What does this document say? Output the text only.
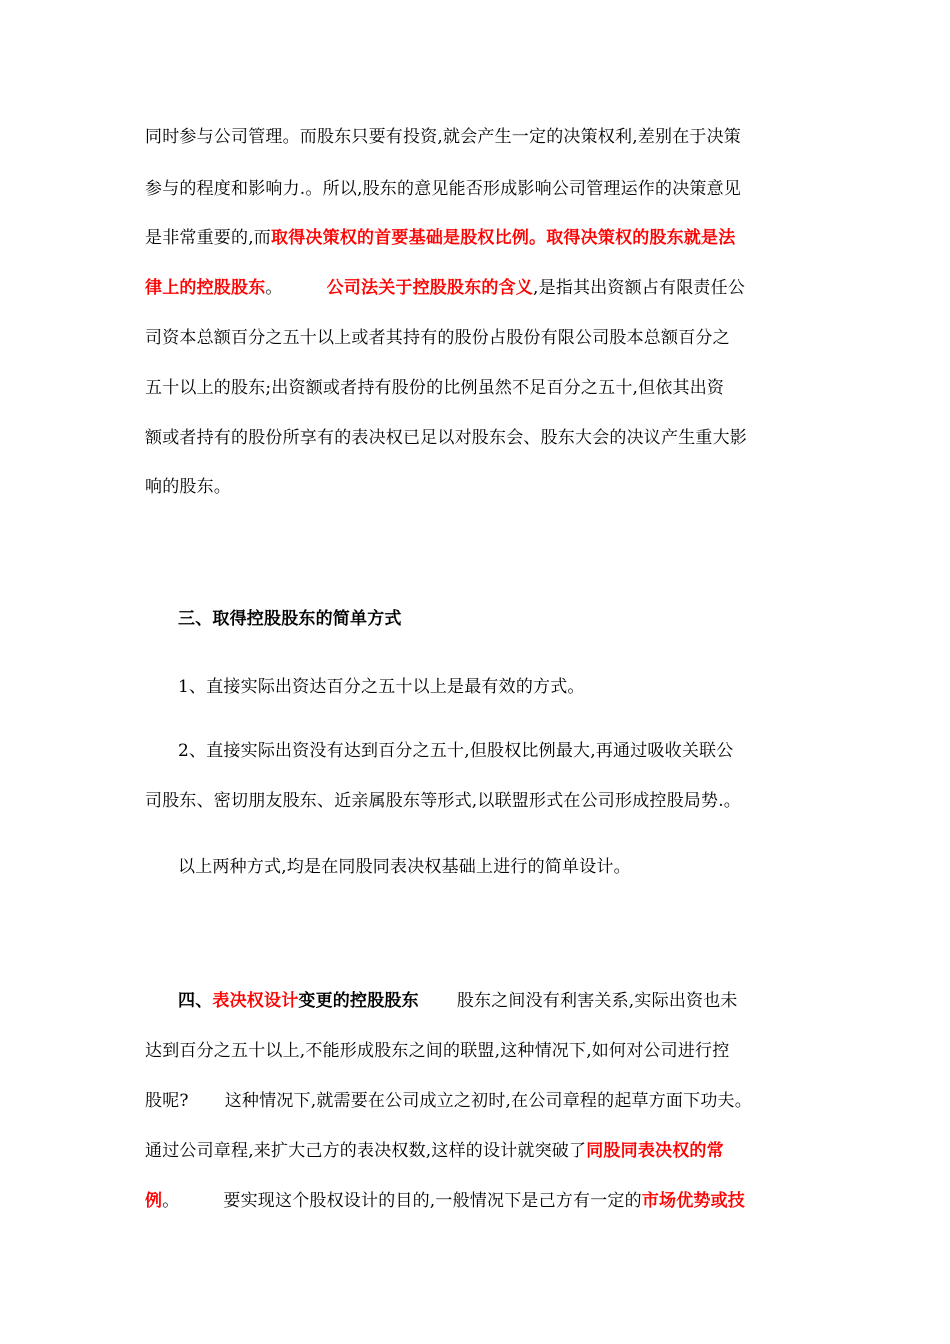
同时参与公司管理。而股东只要有投资,就会产生一定的决策权利,差别在于决策
参与的程度和影响力.。所以,股东的意见能否形成影响公司管理运作的决策意见
是非常重要的,而取得决策权的首要基础是股权比例。取得决策权的股东就是法
律上的控股股东。	公司法关于控股股东的含义,是指其出资额占有限责任公
司资本总额百分之五十以上或者其持有的股份占股份有限公司股本总额百分之
五十以上的股东;出资额或者持有股份的比例虽然不足百分之五十,但依其出资
额或者持有的股份所享有的表决权已足以对股东会、股东大会的决议产生重大影
响的股东。
三、取得控股股东的简单方式
1、直接实际出资达百分之五十以上是最有效的方式。
2、直接实际出资没有达到百分之五十,但股权比例最大,再通过吸收关联公
司股东、密切朋友股东、近亲属股东等形式,以联盟形式在公司形成控股局势.。
以上两种方式,均是在同股同表决权基础上进行的简单设计。
四、表决权设计变更的控股股东 股东之间没有利害关系,实际出资也未
达到百分之五十以上,不能形成股东之间的联盟,这种情况下,如何对公司进行控
股呢? 这种情况下,就需要在公司成立之初时,在公司章程的起草方面下功夫。
通过公司章程,来扩大己方的表决权数,这样的设计就突破了同股同表决权的常
例。	要实现这个股权设计的目的,一般情况下是己方有一定的市场优势或技
